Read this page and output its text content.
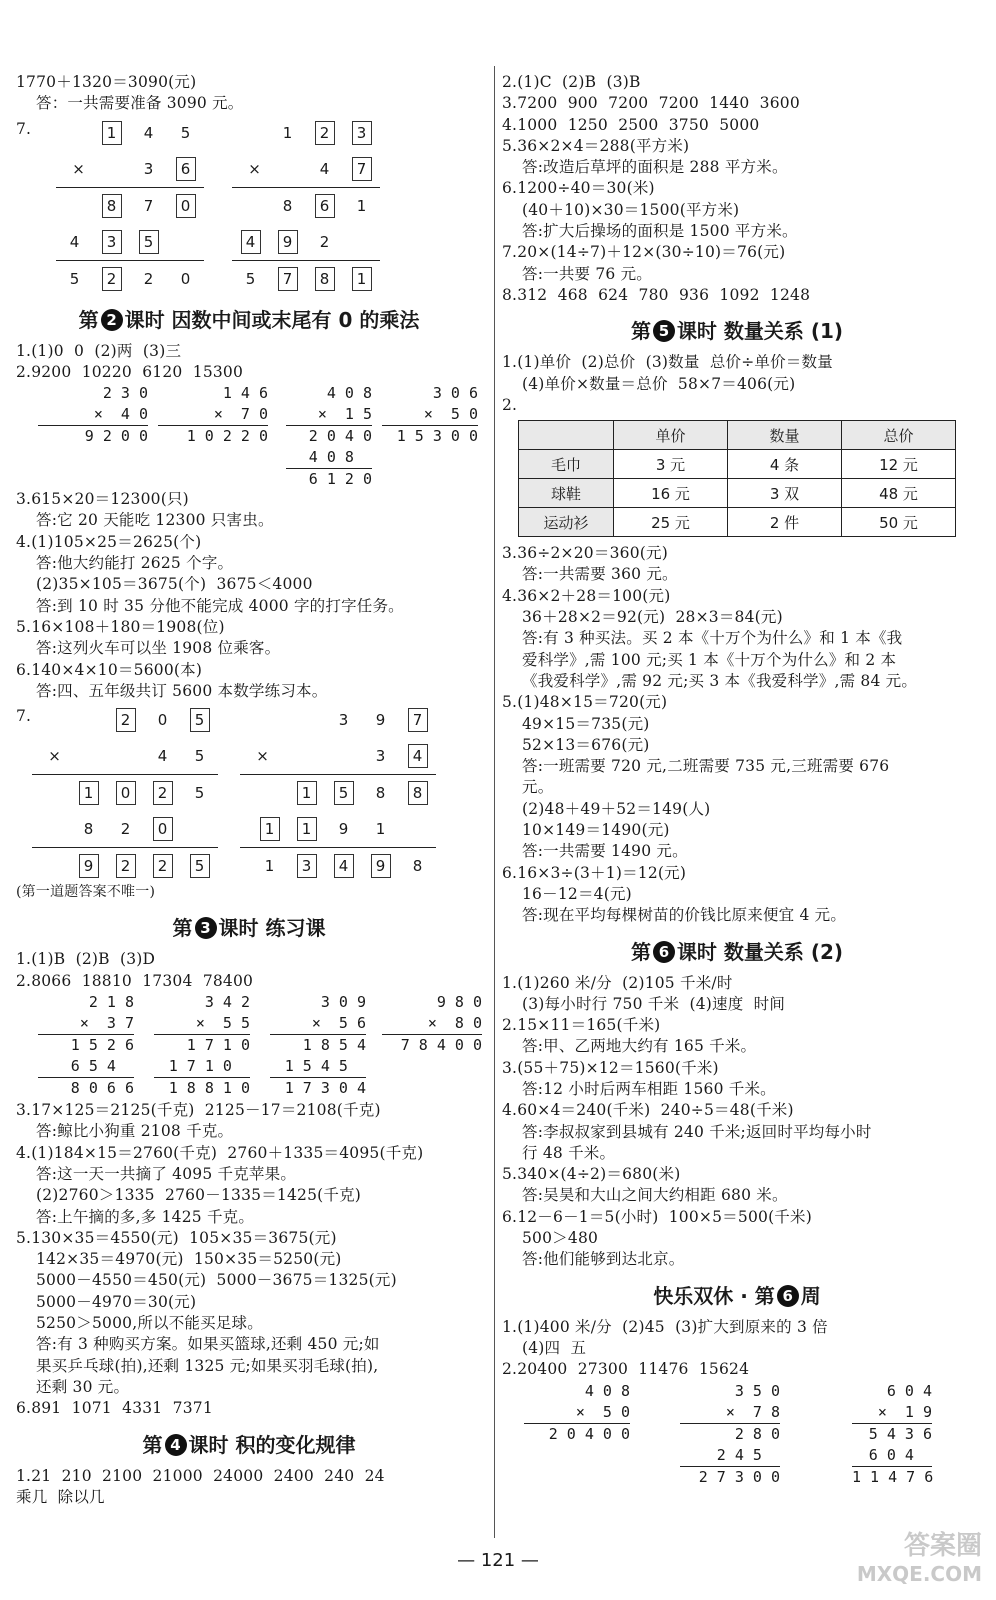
1770＋1320＝3090(元)
答：一共需要准备 3090 元。
7.	1	4	5
×	3	6
8	7	0
4	3	5
5	2	2	0
1	2	3
×	4	7
8	6	1
4	9	2
5	7	8	1
第 2 课时 因数中间或末尾有 0 的乘法
1.(1)0  0  (2)两  (3)三
2.9200  10220  6120  15300
2 3 0
×  4 0
9 2 0 0
1 4 6
×  7 0
1 0 2 2 0
4 0 8
×  1 5
2 0 4 0
4 0 8
6 1 2 0
3 0 6
×  5 0
1 5 3 0 0
3.615×20＝12300(只)
答:它 20 天能吃 12300 只害虫。
4.(1)105×25＝2625(个)
答:他大约能打 2625 个字。
(2)35×105＝3675(个)  3675＜4000
答:到 10 时 35 分他不能完成 4000 字的打字任务。
5.16×108＋180＝1908(位)
答:这列火车可以坐 1908 位乘客。
6.140×4×10＝5600(本)
答:四、五年级共订 5600 本数学练习本。
7.	2	0	5
×	4	5
1	0	2	5
8	2	0
9	2	2	5
3	9	7
×	3	4
1	5	8	8
1	1	9	1
1	3	4	9	8
(第一道题答案不唯一)
第 3 课时 练习课
1.(1)B  (2)B  (3)D
2.8066  18810  17304  78400
2 1 8
×  3 7
1 5 2 6
6 5 4
8 0 6 6
3 4 2
×  5 5
1 7 1 0
1 7 1 0
1 8 8 1 0
3 0 9
×  5 6
1 8 5 4
1 5 4 5
1 7 3 0 4
9 8 0
×  8 0
7 8 4 0 0
3.17×125＝2125(千克)  2125－17＝2108(千克)
答:鲸比小狗重 2108 千克。
4.(1)184×15＝2760(千克)  2760＋1335＝4095(千克)
答:这一天一共摘了 4095 千克苹果。
(2)2760＞1335  2760－1335＝1425(千克)
答:上午摘的多,多 1425 千克。
5.130×35＝4550(元)  105×35＝3675(元)
142×35＝4970(元)  150×35＝5250(元)
5000－4550＝450(元)  5000－3675＝1325(元)
5000－4970＝30(元)
5250＞5000,所以不能买足球。
答:有 3 种购买方案。如果买篮球,还剩 450 元;如
果买乒乓球(拍),还剩 1325 元;如果买羽毛球(拍),
还剩 30 元。
6.891  1071  4331  7371
第 4 课时 积的变化规律
1.21  210  2100  21000  24000  2400  240  24
乘几  除以几
2.(1)C  (2)B  (3)B
3.7200  900  7200  7200  1440  3600
4.1000  1250  2500  3750  5000
5.36×2×4＝288(平方米)
答:改造后草坪的面积是 288 平方米。
6.1200÷40＝30(米)
(40＋10)×30＝1500(平方米)
答:扩大后操场的面积是 1500 平方米。
7.20×(14÷7)＋12×(30÷10)＝76(元)
答:一共要 76 元。
8.312  468  624  780  936  1092  1248
第 5 课时 数量关系 (1)
1.(1)单价  (2)总价  (3)数量  总价÷单价＝数量
(4)单价×数量＝总价  58×7＝406(元)
2.
	单价	数量	总价
毛巾	3 元	4 条	12 元
球鞋	16 元	3 双	48 元
运动衫	25 元	2 件	50 元
3.36÷2×20＝360(元)
答:一共需要 360 元。
4.36×2＋28＝100(元)
36＋28×2＝92(元)  28×3＝84(元)
答:有 3 种买法。买 2 本《十万个为什么》和 1 本《我
爱科学》,需 100 元;买 1 本《十万个为什么》和 2 本
《我爱科学》,需 92 元;买 3 本《我爱科学》,需 84 元。
5.(1)48×15＝720(元)
49×15＝735(元)
52×13＝676(元)
答:一班需要 720 元,二班需要 735 元,三班需要 676
元。
(2)48＋49＋52＝149(人)
10×149＝1490(元)
答:一共需要 1490 元。
6.16×3÷(3＋1)＝12(元)
16－12＝4(元)
答:现在平均每棵树苗的价钱比原来便宜 4 元。
第 6 课时 数量关系 (2)
1.(1)260 米/分  (2)105 千米/时
(3)每小时行 750 千米  (4)速度  时间
2.15×11＝165(千米)
答:甲、乙两地大约有 165 千米。
3.(55＋75)×12＝1560(千米)
答:12 小时后两车相距 1560 千米。
4.60×4＝240(千米)  240÷5＝48(千米)
答:李叔叔家到县城有 240 千米;返回时平均每小时
行 48 千米。
5.340×(4÷2)＝680(米)
答:吴昊和大山之间大约相距 680 米。
6.12－6－1＝5(小时)  100×5＝500(千米)
500＞480
答:他们能够到达北京。
快乐双休 · 第 6 周
1.(1)400 米/分  (2)45  (3)扩大到原来的 3 倍
(4)四  五
2.20400  27300  11476  15624
4 0 8
×  5 0
2 0 4 0 0
3 5 0
×  7 8
2 8 0
2 4 5
2 7 3 0 0
6 0 4
×  1 9
5 4 3 6
6 0 4
1 1 4 7 6
— 121 —	答案圈
MXQE.COM
